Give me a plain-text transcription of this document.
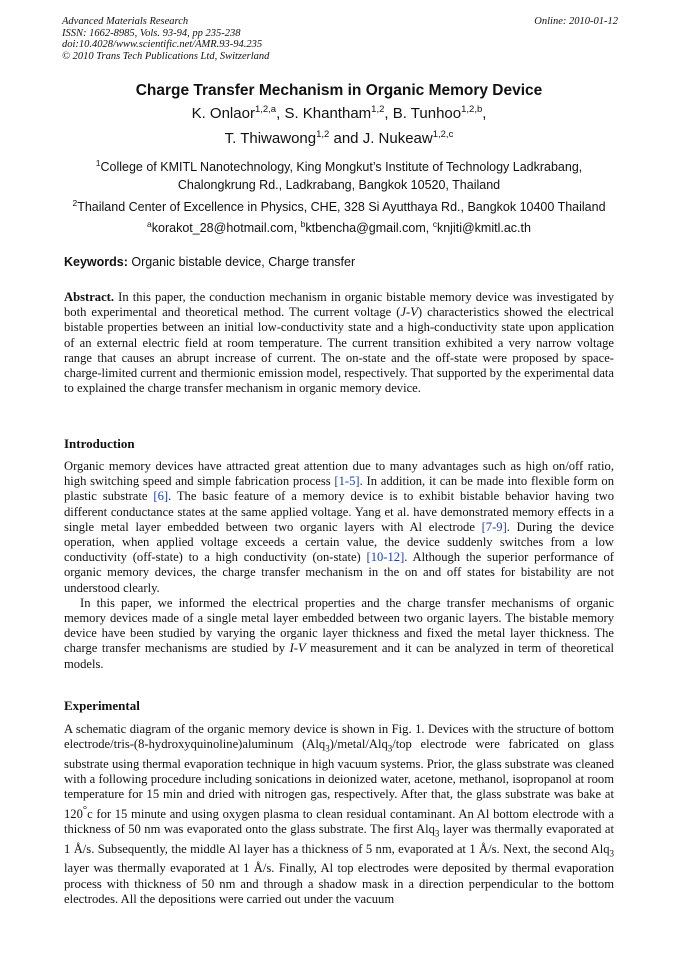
Advanced Materials Research
ISSN: 1662-8985, Vols. 93-94, pp 235-238
doi:10.4028/www.scientific.net/AMR.93-94.235
© 2010 Trans Tech Publications Ltd, Switzerland
Online: 2010-01-12
Charge Transfer Mechanism in Organic Memory Device
K. Onlaor$^{1,2,a}$, S. Khantham$^{1,2}$, B. Tunhoo$^{1,2,b}$,
T. Thiwawong$^{1,2}$ and J. Nukeaw$^{1,2,c}$
$^1$College of KMITL Nanotechnology, King Mongkut’s Institute of Technology Ladkrabang,
Chalongkrung Rd., Ladkrabang, Bangkok 10520, Thailand
$^2$Thailand Center of Excellence in Physics, CHE, 328 Si Ayutthaya Rd., Bangkok 10400 Thailand
$^a$korakot_28@hotmail.com, $^b$ktbencha@gmail.com, $^c$knjiti@kmitl.ac.th
Keywords: Organic bistable device, Charge transfer

Abstract. In this paper, the conduction mechanism in organic bistable memory device was investigated by both experimental and theoretical method. The current voltage (J-V) characteristics showed the electrical bistable properties between an initial low-conductivity state and a high-conductivity state upon application of an external electric field at room temperature. The current transition exhibited a very narrow voltage range that causes an abrupt increase of current. The on-state and the off-state were proposed by space-charge-limited current and thermionic emission model, respectively. That supported by the experimental data to explained the charge transfer mechanism in organic memory device.

Introduction

Organic memory devices have attracted great attention due to many advantages such as high on/off ratio, high switching speed and simple fabrication process [1-5]. In addition, it can be made into flexible form on plastic substrate [6]. The basic feature of a memory device is to exhibit bistable behavior having two different conductance states at the same applied voltage. Yang et al. have demonstrated memory effects in a single metal layer embedded between two organic layers with Al electrode [7-9]. During the device operation, when applied voltage exceeds a certain value, the device suddenly switches from a low conductivity (off-state) to a high conductivity (on-state) [10-12]. Although the superior performance of organic memory devices, the charge transfer mechanism in the on and off states for bistability are not understood clearly.

In this paper, we informed the electrical properties and the charge transfer mechanisms of organic memory devices made of a single metal layer embedded between two organic layers. The bistable memory device have been studied by varying the organic layer thickness and fixed the metal layer thickness. The charge transfer mechanisms are studied by I-V measurement and it can be analyzed in term of theoretical models.

Experimental

A schematic diagram of the organic memory device is shown in Fig. 1. Devices with the structure of bottom electrode/tris-(8-hydroxyquinoline)aluminum (Alq$_3$)/metal/Alq$_3$/top electrode were fabricated on glass substrate using thermal evaporation technique in high vacuum systems. Prior, the glass substrate was cleaned with a following procedure including sonications in deionized water, acetone, methanol, isopropanol at room temperature for 15 min and dried with nitrogen gas, respectively. After that, the glass substrate was bake at 120°c for 15 minute and using oxygen plasma to clean residual contaminant. An Al bottom electrode with a thickness of 50 nm was evaporated onto the glass substrate. The first Alq$_3$ layer was thermally evaporated at 1 Å/s. Subsequently, the middle Al layer has a thickness of 5 nm, evaporated at 1 Å/s. Next, the second Alq$_3$ layer was thermally evaporated at 1 Å/s. Finally, Al top electrodes were deposited by thermal evaporation process with thickness of 50 nm and through a shadow mask in a direction perpendicular to the bottom electrodes. All the depositions were carried out under the vacuum
